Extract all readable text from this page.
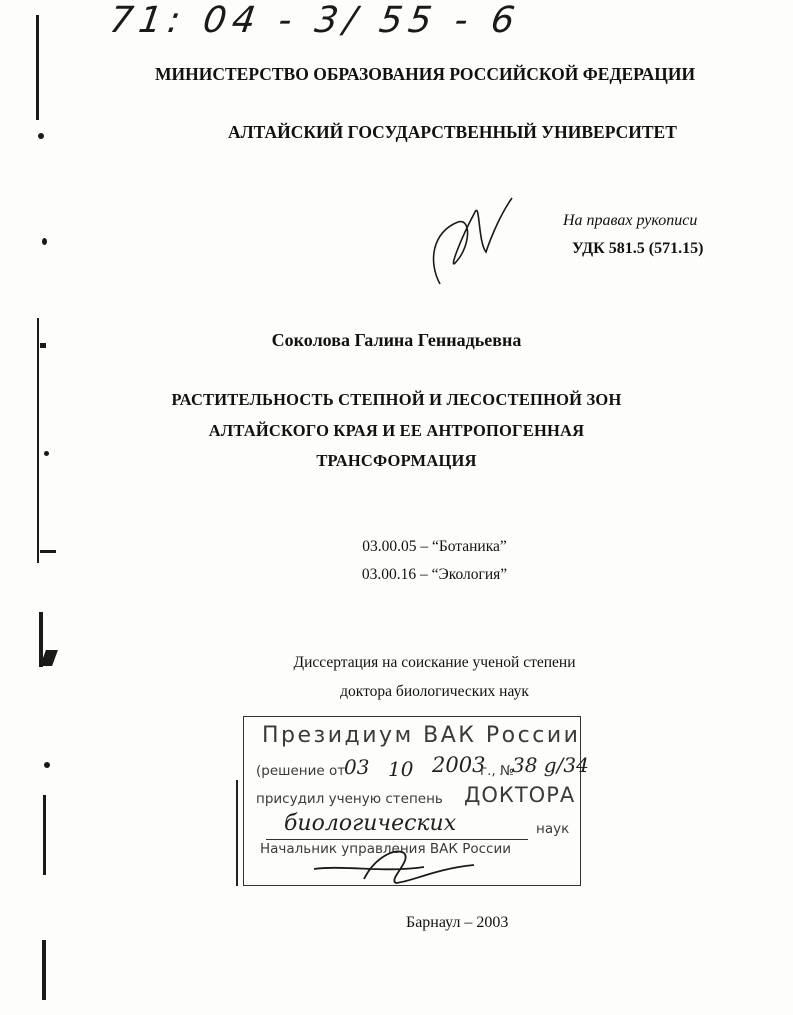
71: 04 - 3/ 55 - 6
МИНИСТЕРСТВО ОБРАЗОВАНИЯ РОССИЙСКОЙ ФЕДЕРАЦИИ
АЛТАЙСКИЙ ГОСУДАРСТВЕННЫЙ УНИВЕРСИТЕТ
На правах рукописи
УДК 581.5 (571.15)
Соколова Галина Геннадьевна
РАСТИТЕЛЬНОСТЬ СТЕПНОЙ И ЛЕСОСТЕПНОЙ ЗОН
АЛТАЙСКОГО КРАЯ И ЕЕ АНТРОПОГЕННАЯ
ТРАНСФОРМАЦИЯ
03.00.05 – “Ботаника”
03.00.16 – “Экология”
Диссертация на соискание ученой степени
доктора биологических наук
Президиум ВАК России
(решение от
03 10 2003
г., №
38 g/34
присудил ученую степень ДОКТОРА
биологических	наук
Начальник управления ВАК России
Барнаул – 2003
